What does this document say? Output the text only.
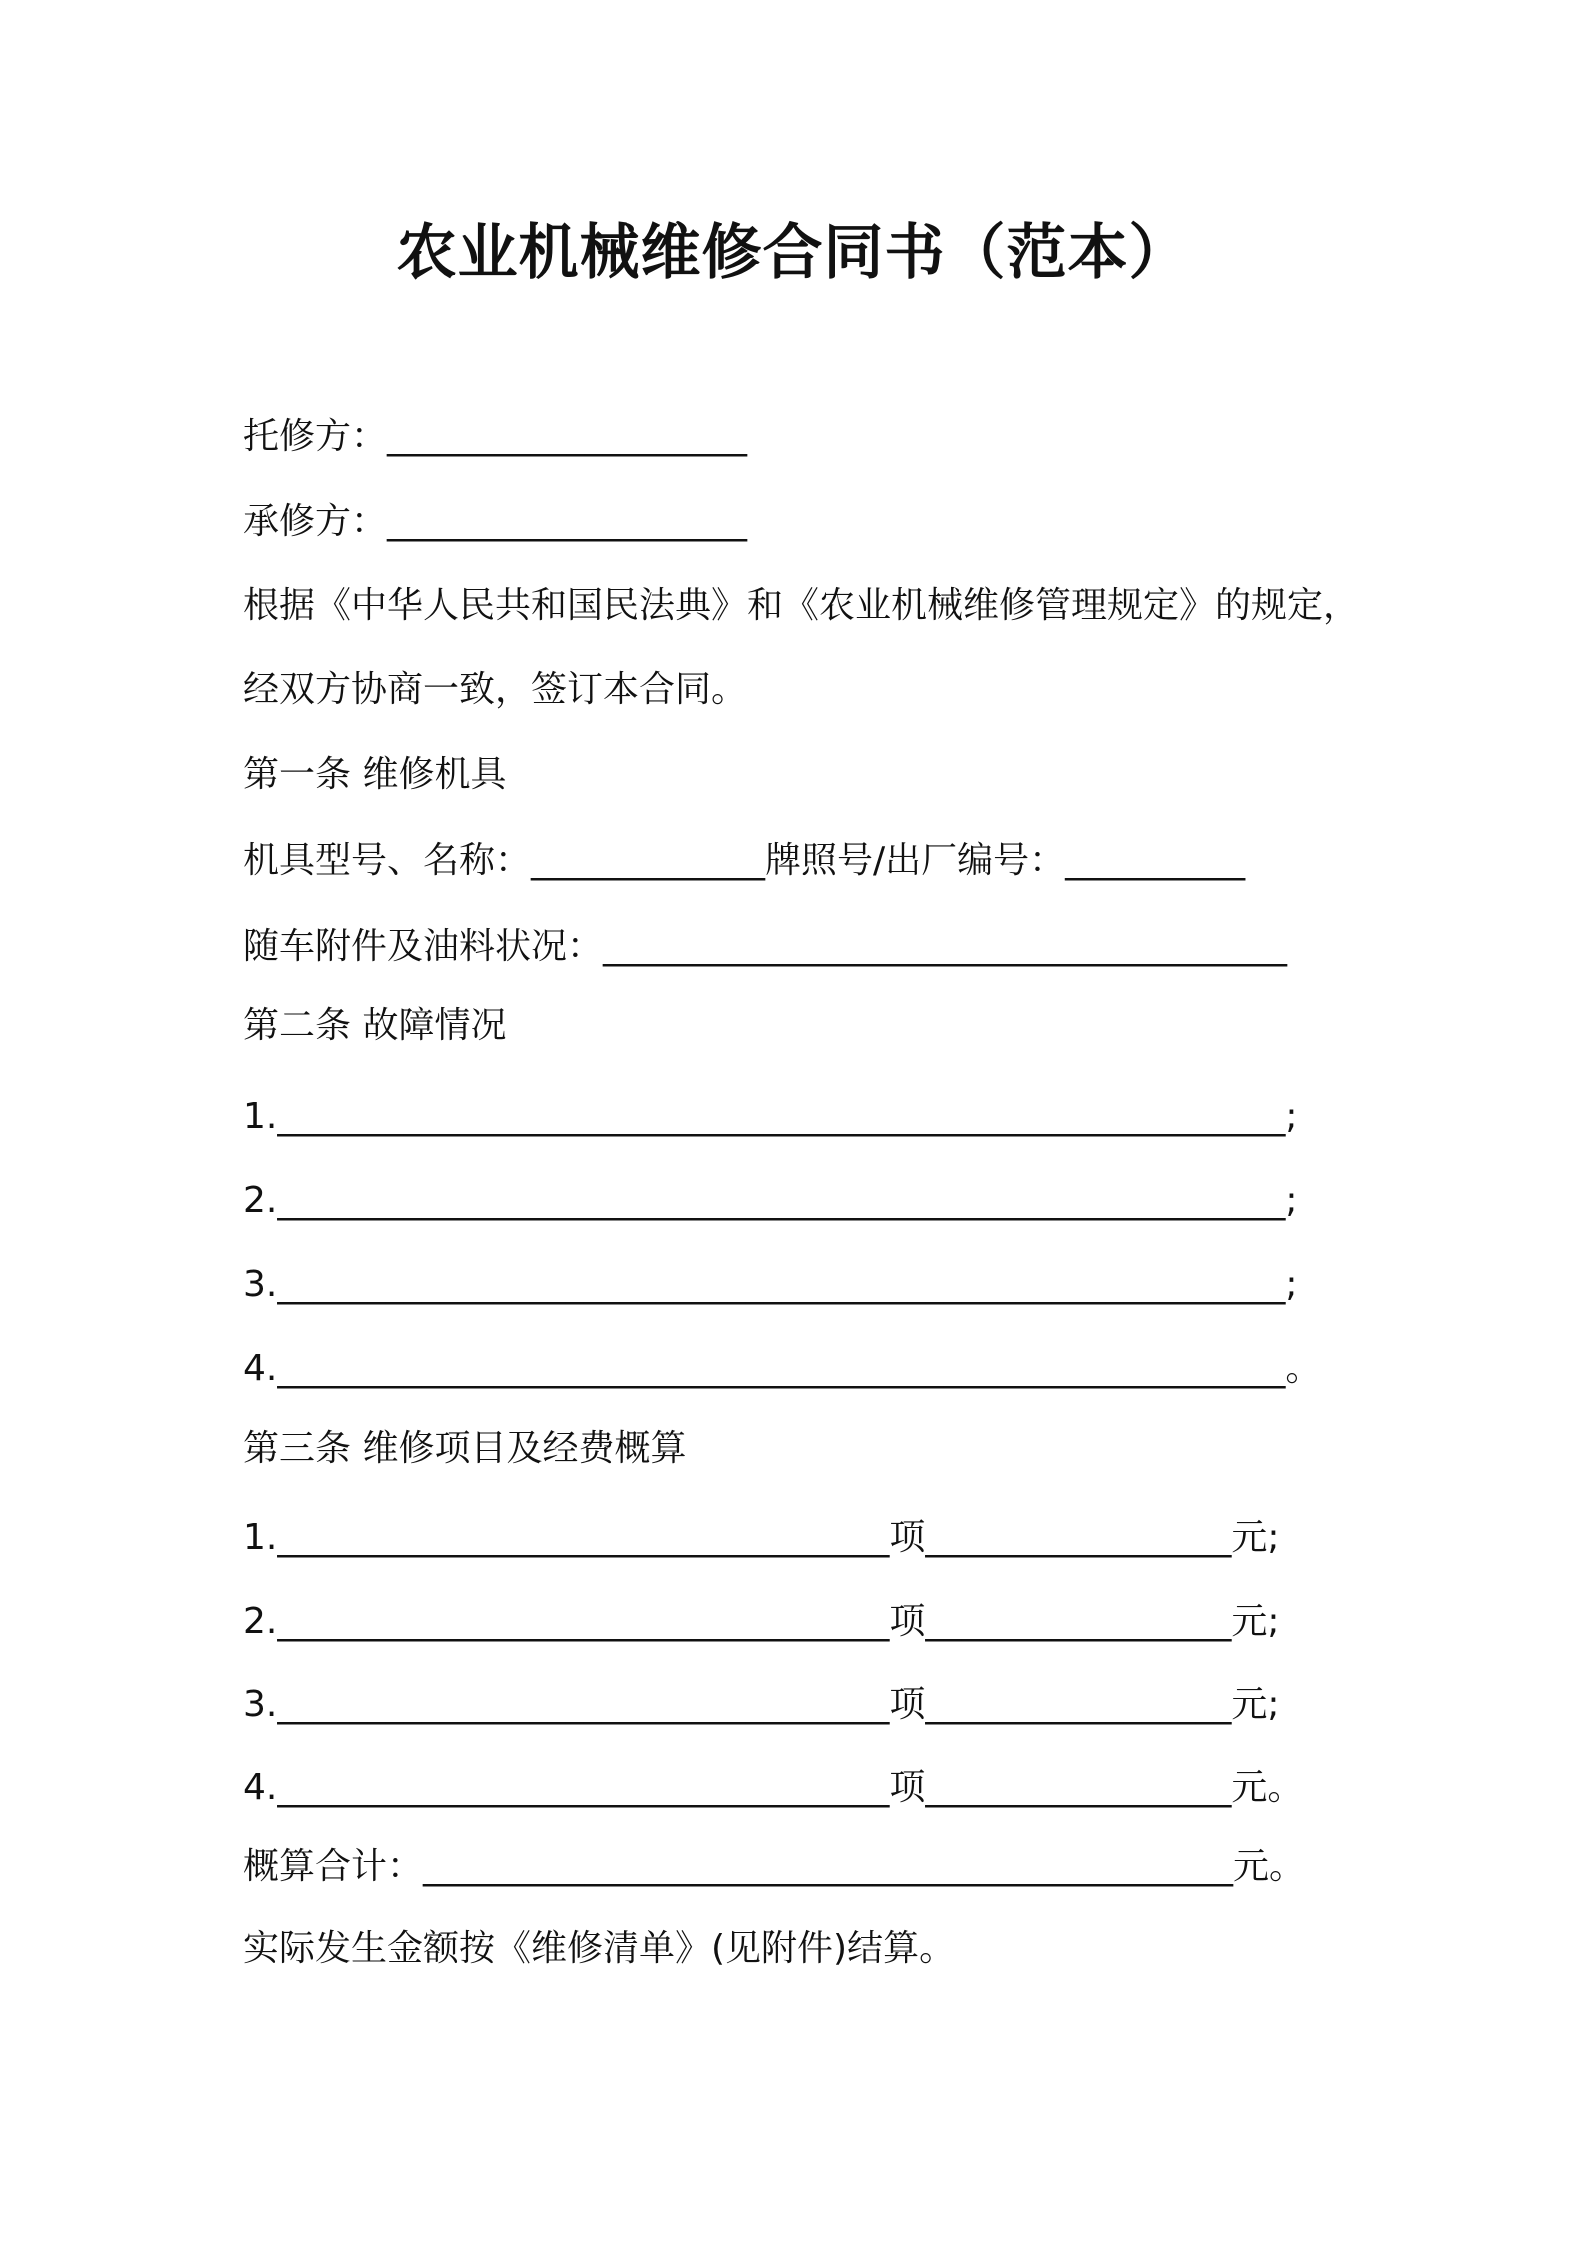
农业机械维修合同书（范本）
托修方：____________________
承修方：____________________
根据《中华人民共和国民法典》和《农业机械维修管理规定》的规定，
经双方协商一致，签订本合同。
第一条 维修机具
机具型号、名称：_____________牌照号/出厂编号：__________
随车附件及油料状况：______________________________________
第二条 故障情况
1.________________________________________________________;
2.________________________________________________________;
3.________________________________________________________;
4.________________________________________________________。
第三条 维修项目及经费概算
1.__________________________________项_________________元;
2.__________________________________项_________________元;
3.__________________________________项_________________元;
4.__________________________________项_________________元。
概算合计：_____________________________________________元。
实际发生金额按《维修清单》(见附件)结算。
